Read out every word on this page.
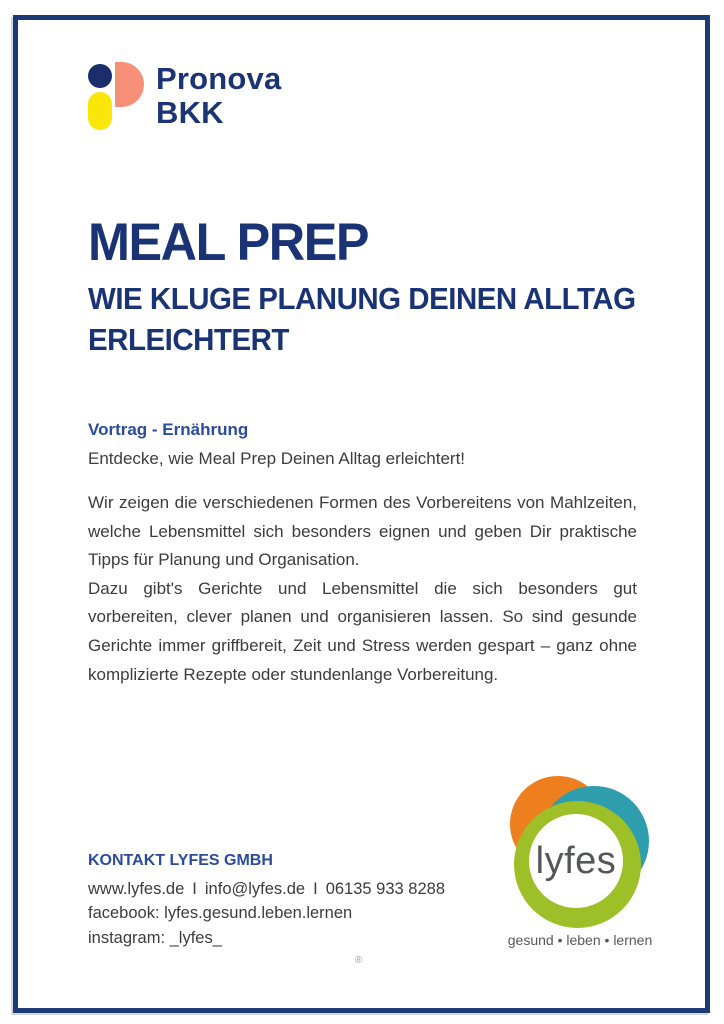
Pronova
BKK
MEAL PREP
WIE KLUGE PLANUNG DEINEN ALLTAG
ERLEICHTERT
Vortrag - Ernährung
Entdecke, wie Meal Prep Deinen Alltag erleichtert!

Wir zeigen die verschiedenen Formen des Vorbereitens von Mahlzeiten, welche Lebensmittel sich besonders eignen und geben Dir praktische Tipps für Planung und Organisation.

Dazu gibt's Gerichte und Lebensmittel die sich besonders gut vorbereiten, clever planen und organisieren lassen. So sind gesunde Gerichte immer griffbereit, Zeit und Stress werden gespart – ganz ohne komplizierte Rezepte oder stundenlange Vorbereitung.

KONTAKT LYFES GMBH
www.lyfes.de I info@lyfes.de I 06135 933 8288
facebook: lyfes.gesund.leben.lernen
instagram: _lyfes_
lyfes
gesund • leben • lernen
®
